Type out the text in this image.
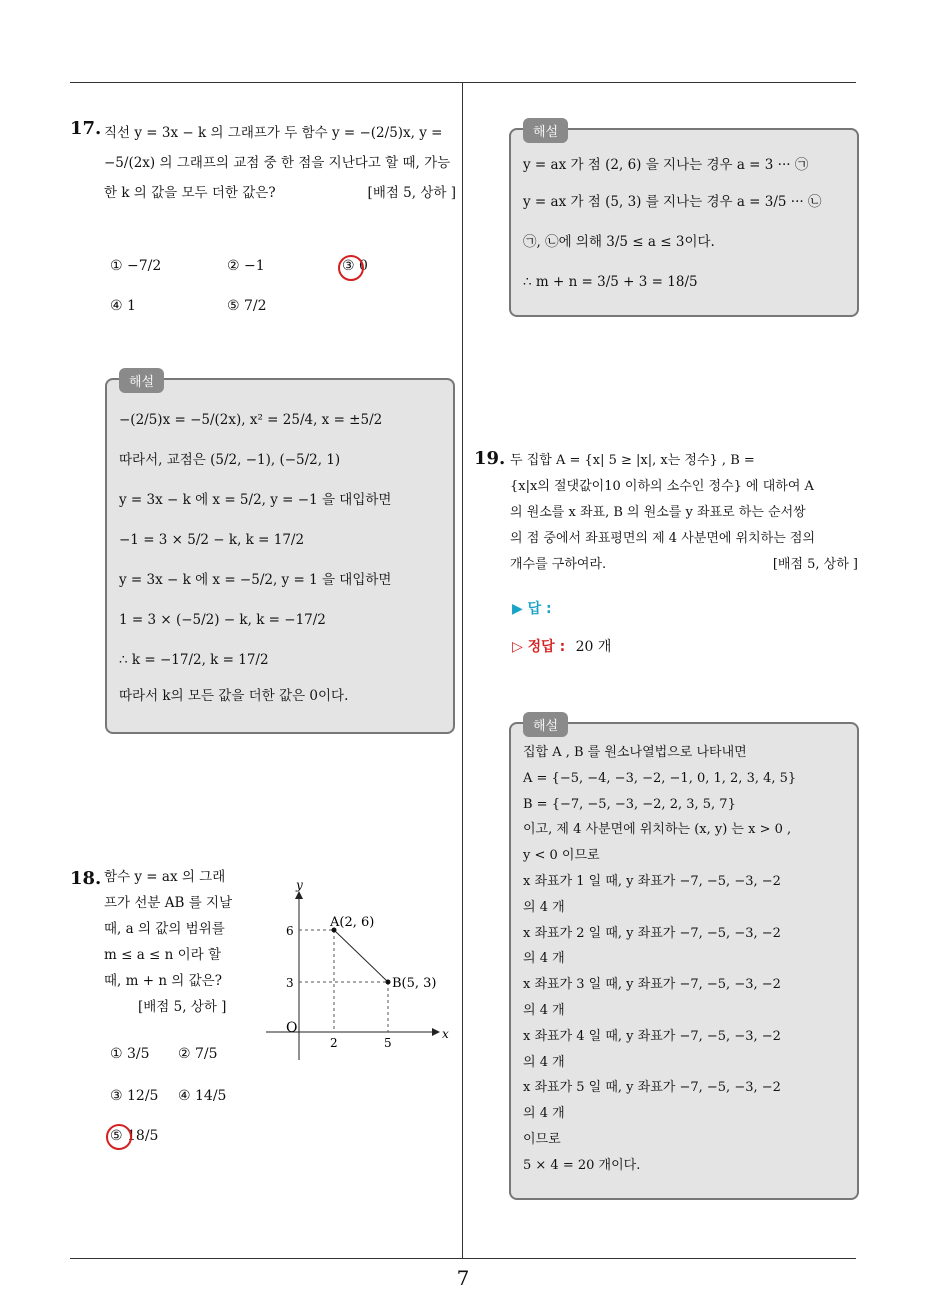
17. 직선 y = 3x − k 의 그래프가 두 함수 y = −(2/5)x, y = −5/(2x) 의 그래프의 교점 중 한 점을 지난다고 할 때, 가능한 k 의 값을 모두 더한 값은?	[배점 5, 상하 ]
① −7/2	② −1	③ 0
④ 1	⑤ 7/2
해설
−(2/5)x = −5/(2x), x² = 25/4, x = ±5/2
따라서, 교점은 (5/2, −1), (−5/2, 1)
y = 3x − k 에 x = 5/2, y = −1 을 대입하면
−1 = 3 × 5/2 − k, k = 17/2
y = 3x − k 에 x = −5/2, y = 1 을 대입하면
1 = 3 × (−5/2) − k, k = −17/2
∴ k = −17/2, k = 17/2
따라서 k의 모든 값을 더한 값은 0이다.
18. 함수 y = ax 의 그래
프가 선분 AB 를 지날
때, a 의 값의 범위를
m ≤ a ≤ n 이라 할
때, m + n 의 값은?
[배점 5, 상하 ]
① 3/5 ② 7/5
③ 12/5 ④ 14/5
⑤ 18/5
y
x
O
A(2, 6)
B(5, 3)
2	5
6
3
해설
y = ax 가 점 (2, 6) 을 지나는 경우 a = 3 ··· ㉠
y = ax 가 점 (5, 3) 를 지나는 경우 a = 3/5 ··· ㉡
㉠, ㉡에 의해 3/5 ≤ a ≤ 3이다.
∴ m + n = 3/5 + 3 = 18/5
19. 두 집합 A = {x| 5 ≥ |x|, x는 정수} , B =
{x|x의 절댓값이10 이하의 소수인 정수} 에 대하여 A
의 원소를 x 좌표, B 의 원소를 y 좌표로 하는 순서쌍
의 점 중에서 좌표평면의 제 4 사분면에 위치하는 점의
개수를 구하여라.	[배점 5, 상하 ]
▶ 답 :
▷ 정답 : 20 개
해설
집합 A , B 를 원소나열법으로 나타내면
A = {−5, −4, −3, −2, −1, 0, 1, 2, 3, 4, 5}
B = {−7, −5, −3, −2, 2, 3, 5, 7}
이고, 제 4 사분면에 위치하는 (x, y) 는 x > 0 ,
y < 0 이므로
x 좌표가 1 일 때, y 좌표가 −7, −5, −3, −2
의 4 개
x 좌표가 2 일 때, y 좌표가 −7, −5, −3, −2
의 4 개
x 좌표가 3 일 때, y 좌표가 −7, −5, −3, −2
의 4 개
x 좌표가 4 일 때, y 좌표가 −7, −5, −3, −2
의 4 개
x 좌표가 5 일 때, y 좌표가 −7, −5, −3, −2
의 4 개
이므로
5 × 4 = 20 개이다.
7
